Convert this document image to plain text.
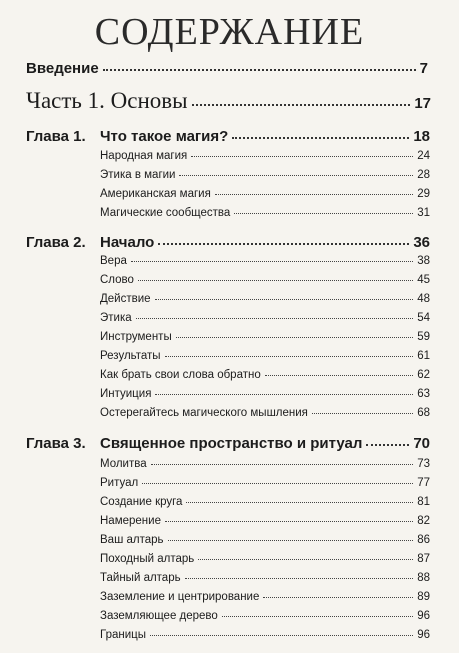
СОДЕРЖАНИЕ
Введение	7
Часть 1. Основы	17
Глава 1. Что такое магия?	18
Народная магия	24
Этика в магии	28
Американская магия	29
Магические сообщества	31
Глава 2. Начало	36
Вера	38
Слово	45
Действие	48
Этика	54
Инструменты	59
Результаты	61
Как брать свои слова обратно	62
Интуиция	63
Остерегайтесь магического мышления	68
Глава 3. Священное пространство и ритуал	70
Молитва	73
Ритуал	77
Создание круга	81
Намерение	82
Ваш алтарь	86
Походный алтарь	87
Тайный алтарь	88
Заземление и центрирование	89
Заземляющее дерево	96
Границы	96
